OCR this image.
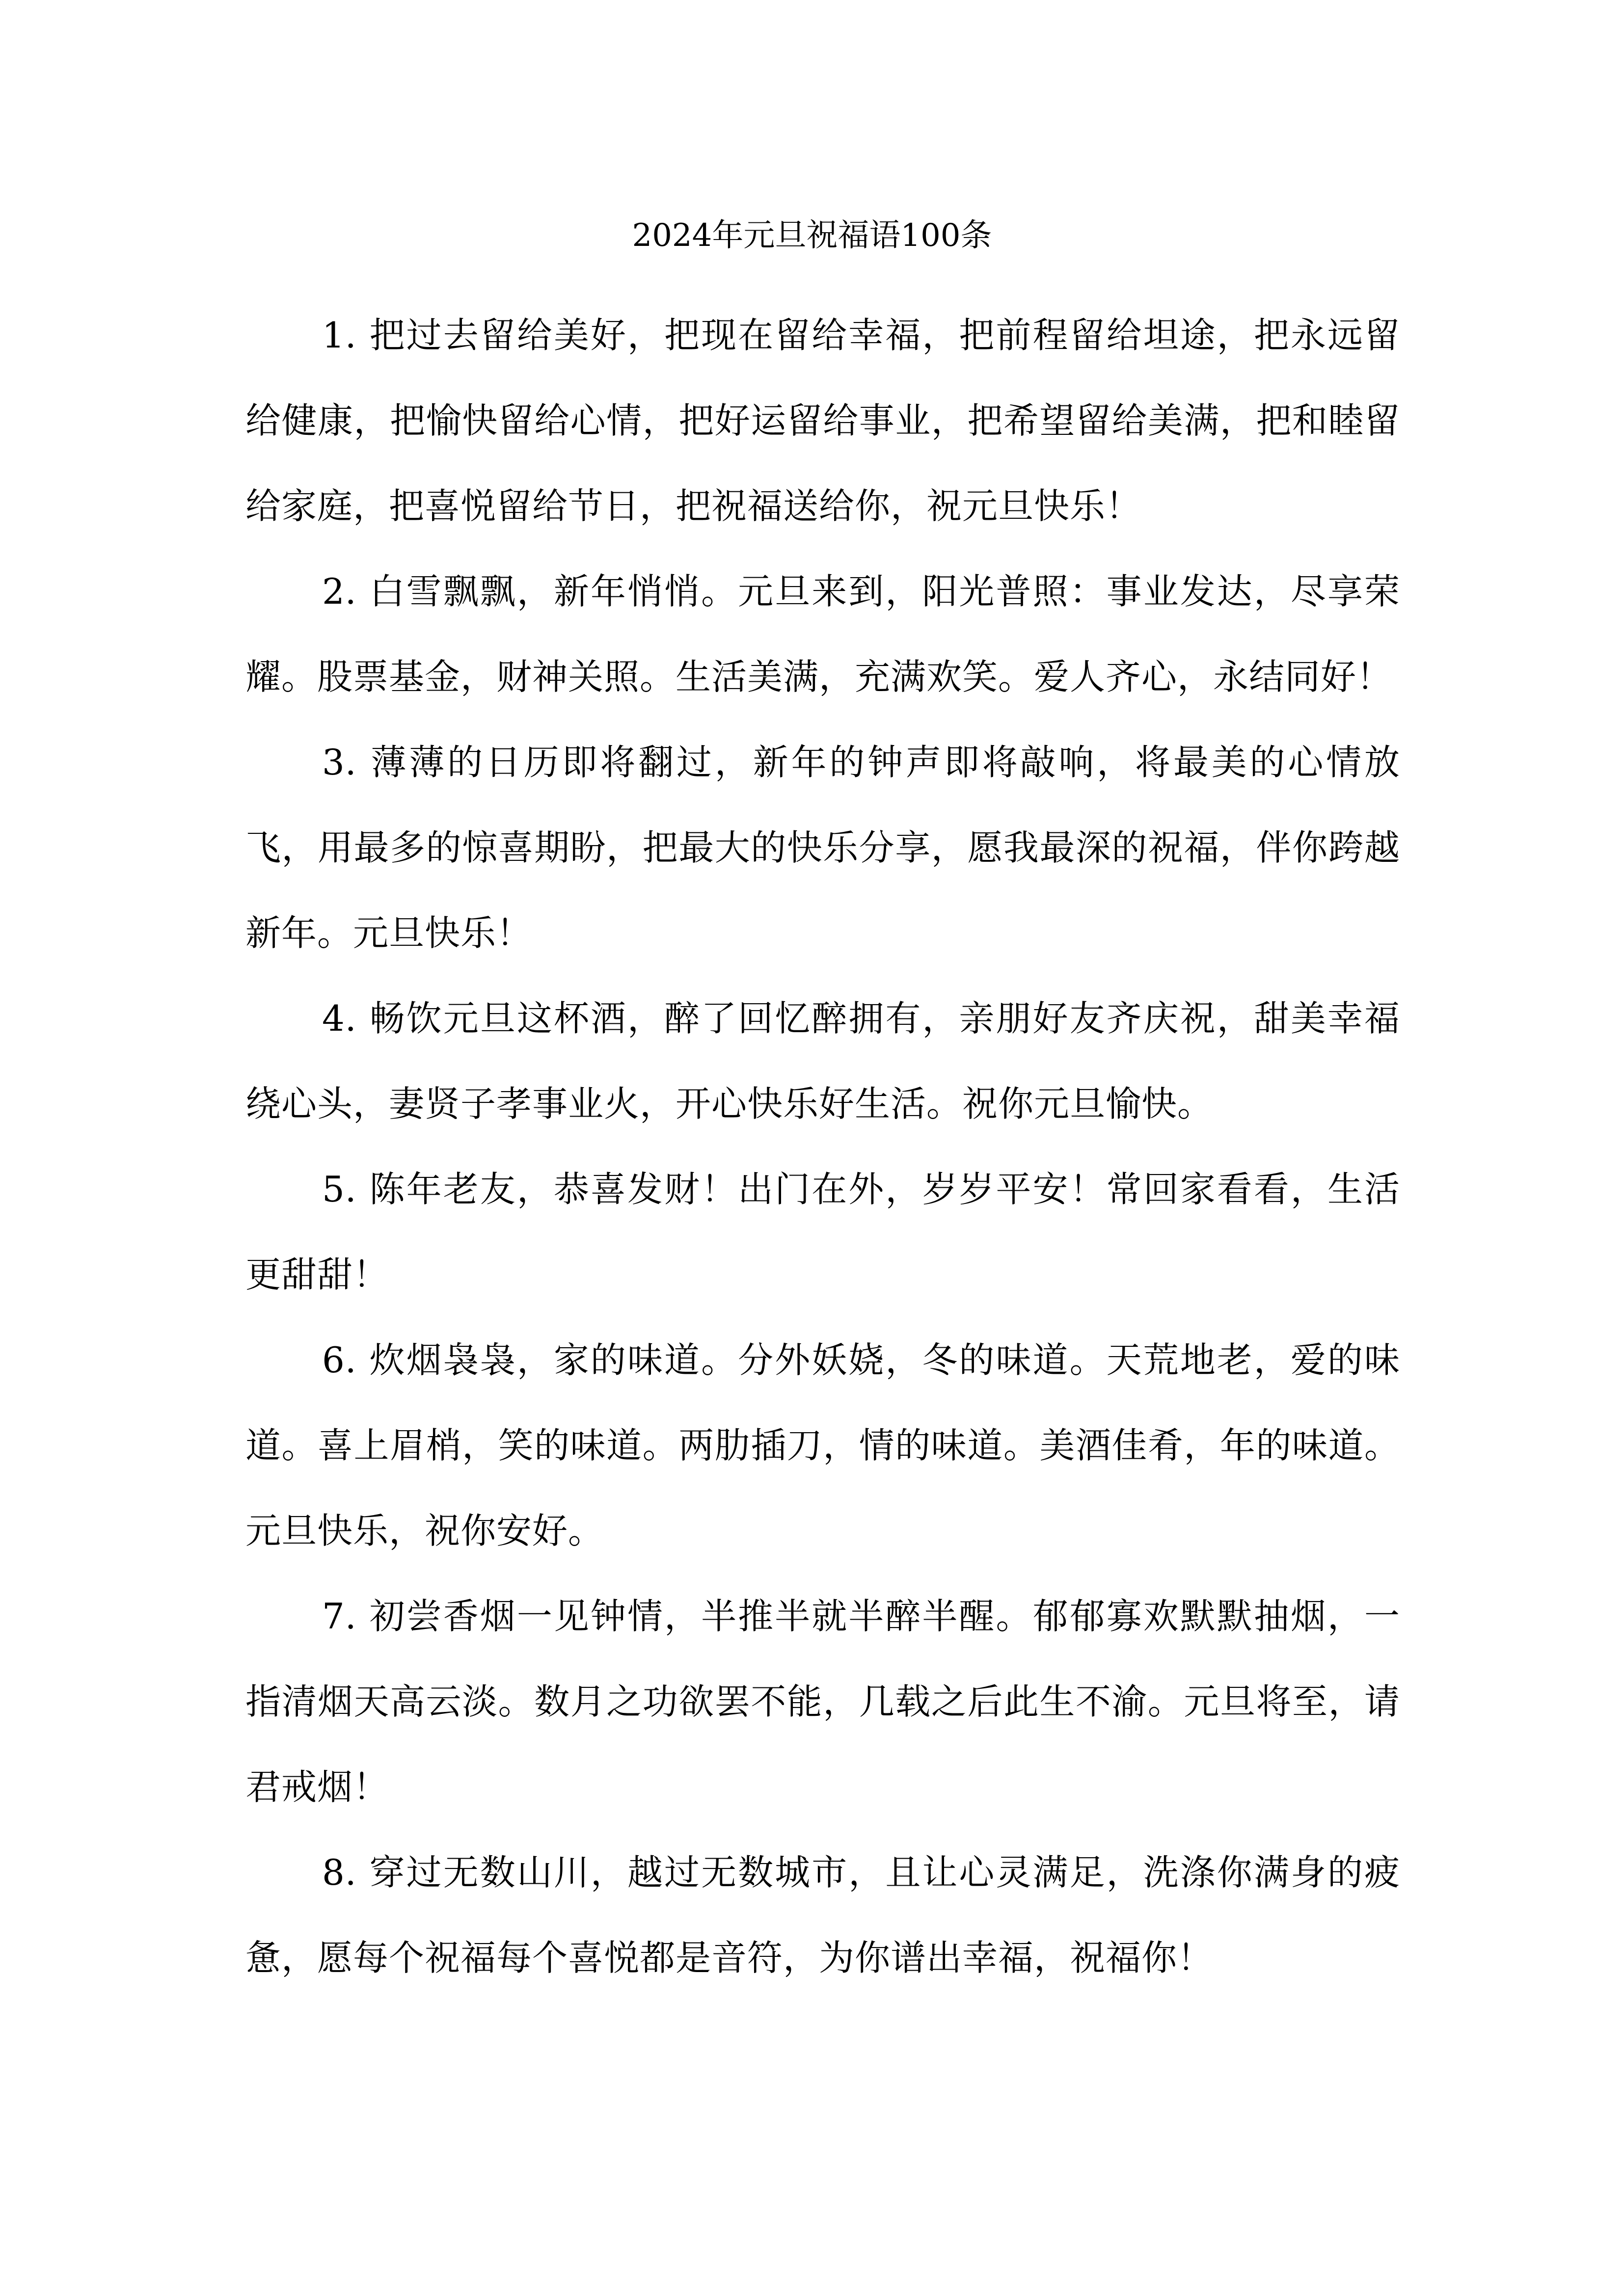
2024年元旦祝福语100条

1. 把过去留给美好，把现在留给幸福，把前程留给坦途，把永远留给健康，把愉快留给心情，把好运留给事业，把希望留给美满，把和睦留给家庭，把喜悦留给节日，把祝福送给你，祝元旦快乐！

2. 白雪飘飘，新年悄悄。元旦来到，阳光普照：事业发达，尽享荣耀。股票基金，财神关照。生活美满，充满欢笑。爱人齐心，永结同好！

3. 薄薄的日历即将翻过，新年的钟声即将敲响，将最美的心情放飞，用最多的惊喜期盼，把最大的快乐分享，愿我最深的祝福，伴你跨越新年。元旦快乐！

4. 畅饮元旦这杯酒，醉了回忆醉拥有，亲朋好友齐庆祝，甜美幸福绕心头，妻贤子孝事业火，开心快乐好生活。祝你元旦愉快。

5. 陈年老友，恭喜发财！出门在外，岁岁平安！常回家看看，生活更甜甜！

6. 炊烟袅袅，家的味道。分外妖娆，冬的味道。天荒地老，爱的味道。喜上眉梢，笑的味道。两肋插刀，情的味道。美酒佳肴，年的味道。元旦快乐，祝你安好。

7. 初尝香烟一见钟情，半推半就半醉半醒。郁郁寡欢默默抽烟，一指清烟天高云淡。数月之功欲罢不能，几载之后此生不渝。元旦将至，请君戒烟！

8. 穿过无数山川，越过无数城市，且让心灵满足，洗涤你满身的疲惫，愿每个祝福每个喜悦都是音符，为你谱出幸福，祝福你！
